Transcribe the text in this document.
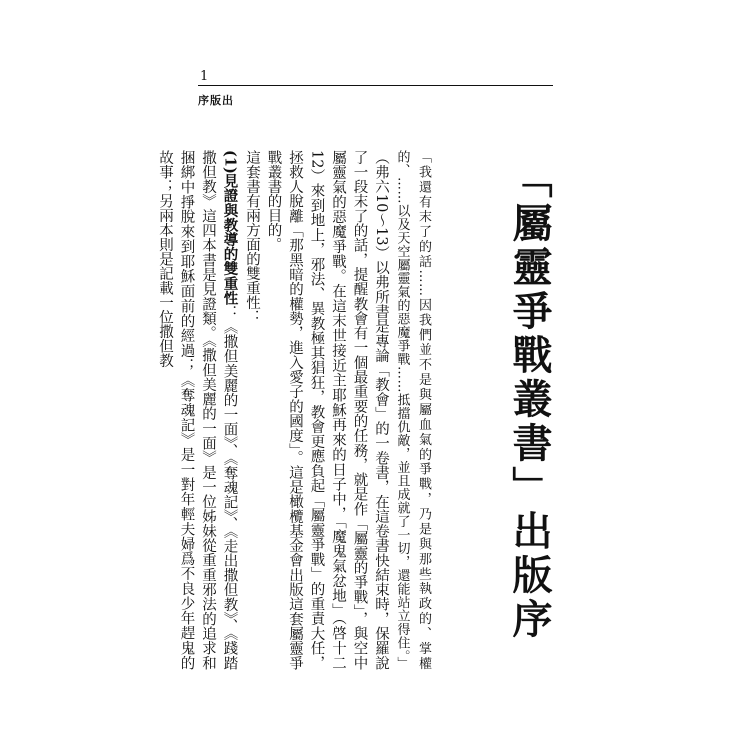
1
序版出
「屬靈爭戰叢書」出版序

「我還有末了的話……因我們並不是與屬血氣的爭戰，乃是與那些執政的、掌權的、……以及天空屬靈氣的惡魔爭戰……抵擋仇敵，並且成就了一切，還能站立得住。」

（弗六10～13）以弗所書是專論「教會」的一卷書，在這卷書快結束時，保羅說了一段末了的話，提醒教會有一個最重要的任務，就是作「屬靈的爭戰」，與空中屬靈氣的惡魔爭戰。在這末世接近主耶穌再來的日子中，「魔鬼氣忿地」（啓十二12）來到地上，邪法、異教極其猖狂，教會更應負起「屬靈爭戰」的重責大任，拯救人脫離「那黑暗的權勢，進入愛子的國度」。這是橄欖基金會出版這套屬靈爭戰叢書的目的。

這套書有兩方面的雙重性：

(1)見證與教導的雙重性：《撒但美麗的一面》、《奪魂記》、《走出撒但教》、《踐踏撒但教》這四本書是見證類。《撒但美麗的一面》是一位姊妹從重重邪法的追求和捆綁中掙脫來到耶穌面前的經過；《奪魂記》是一對年輕夫婦爲不良少年趕鬼的故事；另兩本則是記載一位撒但教
